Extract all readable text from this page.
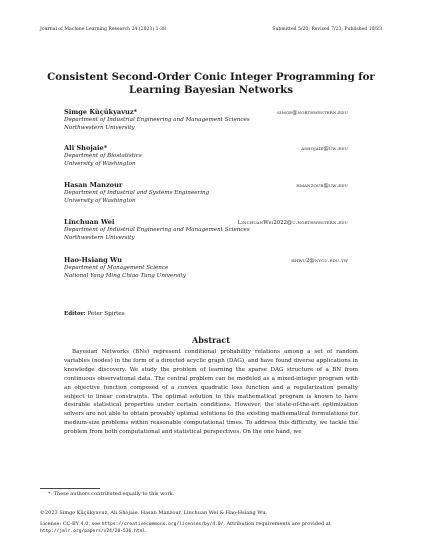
Journal of Machine Learning Research 24 (2023) 1-38	Submitted 5/20; Revised 7/23; Published 10/23
Consistent Second-Order Conic Integer Programming for
Learning Bayesian Networks
Simge Küçükyavuz*	simge@northwestern.edu
Department of Industrial Engineering and Management Sciences
Northwestern University
Ali Shojaie*	ashojaie@uw.edu
Department of Biostatistics
University of Washington
Hasan Manzour	hmanzour@uw.edu
Department of Industrial and Systems Engineering
University of Washington
Linchuan Wei	LinchuanWei2022@u.northwestern.edu
Department of Industrial Engineering and Management Sciences
Northwestern University
Hao-Hsiang Wu	hhwu2@nycu.edu.tw
Department of Management Science
National Yang Ming Chiao Tung University
Editor: Peter Spirtes
Abstract
Bayesian Networks (BNs) represent conditional probability relations among a set of random variables (nodes) in the form of a directed acyclic graph (DAG), and have found diverse applications in knowledge discovery. We study the problem of learning the sparse DAG structure of a BN from continuous observational data. The central problem can be modeled as a mixed-integer program with an objective function composed of a convex quadratic loss function and a regularization penalty subject to linear constraints. The optimal solution to this mathematical program is known to have desirable statistical properties under certain conditions. However, the state-of-the-art optimization solvers are not able to obtain provably optimal solutions to the existing mathematical formulations for medium-size problems within reasonable computational times. To address this difficulty, we tackle the problem from both computational and statistical perspectives. On the one hand, we
*. These authors contributed equally to this work.
©2023 Simge Küçükyavuz, Ali Shojaie, Hasan Manzour, Linchuan Wei & Hao-Hsiang Wu.
License: CC-BY 4.0, see https://creativecommons.org/licenses/by/4.0/. Attribution requirements are provided at http://jmlr.org/papers/v24/20-536.html.
